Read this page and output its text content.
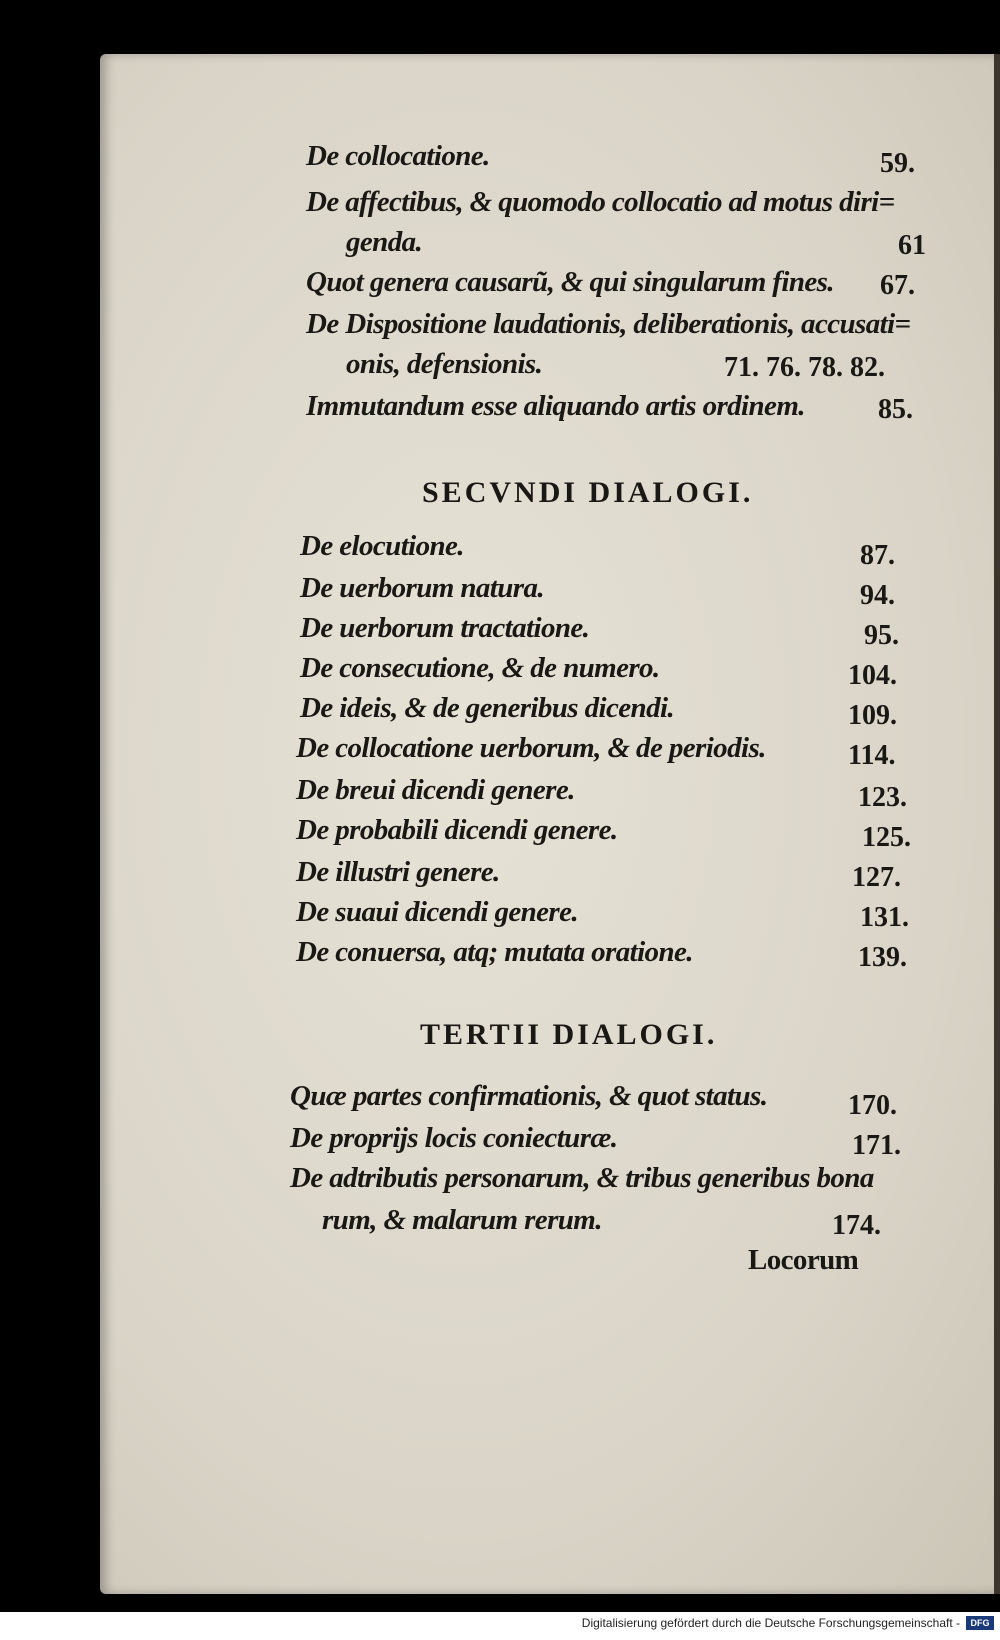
De collocatione.	59.
De affectibus, & quomodo collocatio ad motus diri=
genda.	61
Quot genera causarũ, & qui singularum fines. 67.
De Dispositione laudationis, deliberationis, accusati=
onis, defensionis.	71. 76. 78. 82.
Immutandum esse aliquando artis ordinem.	85.
SECVNDI DIALOGI.
De elocutione.	87.
De uerborum natura.	94.
De uerborum tractatione.	95.
De consecutione, & de numero.	104.
De ideis, & de generibus dicendi.	109.
De collocatione uerborum, & de periodis.	114.
De breui dicendi genere.	123.
De probabili dicendi genere.	125.
De illustri genere.	127.
De suaui dicendi genere.	131.
De conuersa, atq; mutata oratione.	139.
TERTII DIALOGI.
Quæ partes confirmationis, & quot status.	170.
De proprijs locis coniecturæ.	171.
De adtributis personarum, & tribus generibus bona
rum, & malarum rerum.	174.
Locorum
Digitalisierung gefördert durch die Deutsche Forschungsgemeinschaft -	DFG
